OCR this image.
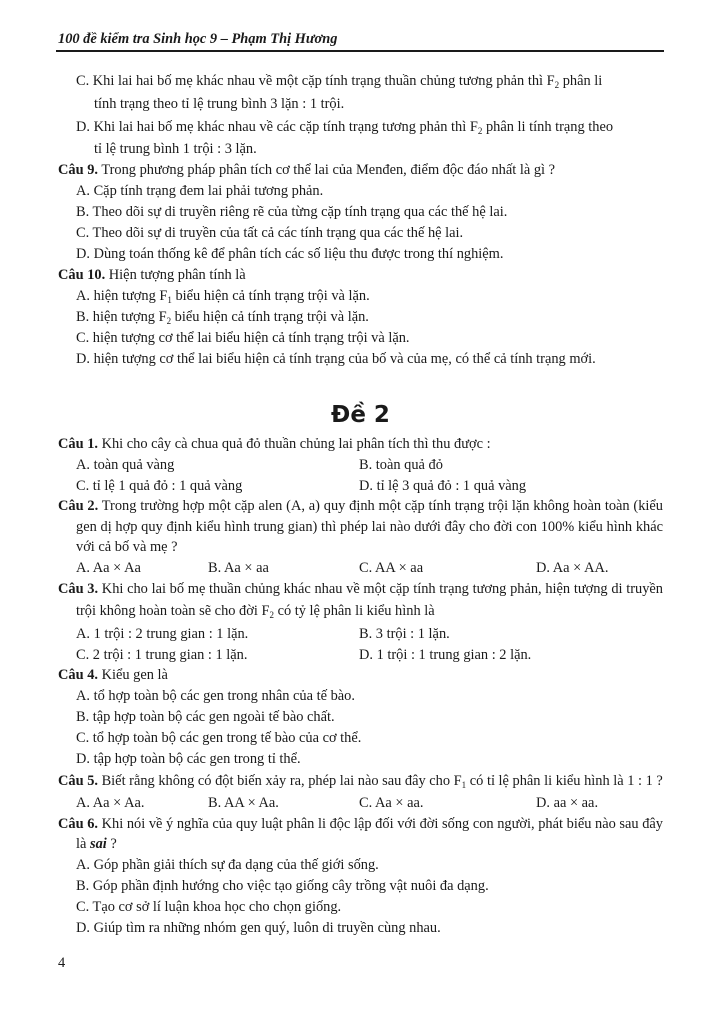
100 đề kiểm tra Sinh học 9 – Phạm Thị Hương

C. Khi lai hai bố mẹ khác nhau về một cặp tính trạng thuần chủng tương phản thì $F_2$ phân li

tính trạng theo tỉ lệ trung bình 3 lặn : 1 trội.

D. Khi lai hai bố mẹ khác nhau về các cặp tính trạng tương phản thì $F_2$ phân li tính trạng theo

tỉ lệ trung bình 1 trội : 3 lặn.

Câu 9. Trong phương pháp phân tích cơ thể lai của Menđen, điểm độc đáo nhất là gì ?

A. Cặp tính trạng đem lai phải tương phản.

B. Theo dõi sự di truyền riêng rẽ của từng cặp tính trạng qua các thế hệ lai.

C. Theo dõi sự di truyền của tất cả các tính trạng qua các thế hệ lai.

D. Dùng toán thống kê để phân tích các số liệu thu được trong thí nghiệm.

Câu 10. Hiện tượng phân tính là

A. hiện tượng $F_1$ biểu hiện cả tính trạng trội và lặn.

B. hiện tượng $F_2$ biểu hiện cả tính trạng trội và lặn.

C. hiện tượng cơ thể lai biểu hiện cả tính trạng trội và lặn.

D. hiện tượng cơ thể lai biểu hiện cả tính trạng của bố và của mẹ, có thể cả tính trạng mới.

Đề 2

Câu 1. Khi cho cây cà chua quả đỏ thuần chủng lai phân tích thì thu được :

A. toàn quả vàng	B. toàn quả đỏ
C. tỉ lệ 1 quả đỏ : 1 quả vàng	D. tỉ lệ 3 quả đỏ : 1 quả vàng

Câu 2. Trong trường hợp một cặp alen (A, a) quy định một cặp tính trạng trội lặn không hoàn toàn (kiểu gen dị hợp quy định kiểu hình trung gian) thì phép lai nào dưới đây cho đời con 100% kiểu hình khác với cả bố và mẹ ?

A. Aa × Aa	B. Aa × aa	C. AA × aa	D. Aa × AA.

Câu 3. Khi cho lai bố mẹ thuần chủng khác nhau về một cặp tính trạng tương phản, hiện tượng di truyền trội không hoàn toàn sẽ cho đời $F_2$ có tỷ lệ phân li kiểu hình là

A. 1 trội : 2 trung gian : 1 lặn.	B. 3 trội : 1 lặn.
C. 2 trội : 1 trung gian : 1 lặn.	D. 1 trội : 1 trung gian : 2 lặn.

Câu 4. Kiểu gen là

A. tổ hợp toàn bộ các gen trong nhân của tế bào.

B. tập hợp toàn bộ các gen ngoài tế bào chất.

C. tổ hợp toàn bộ các gen trong tế bào của cơ thể.

D. tập hợp toàn bộ các gen trong tỉ thể.

Câu 5. Biết rằng không có đột biến xảy ra, phép lai nào sau đây cho $F_1$ có tỉ lệ phân li kiểu hình là 1 : 1 ?

A. Aa × Aa.	B. AA × Aa.	C. Aa × aa.	D. aa × aa.

Câu 6. Khi nói về ý nghĩa của quy luật phân li độc lập đối với đời sống con người, phát biểu nào sau đây là sai ?

A. Góp phần giải thích sự đa dạng của thế giới sống.

B. Góp phần định hướng cho việc tạo giống cây trồng vật nuôi đa dạng.

C. Tạo cơ sở lí luận khoa học cho chọn giống.

D. Giúp tìm ra những nhóm gen quý, luôn di truyền cùng nhau.

4
